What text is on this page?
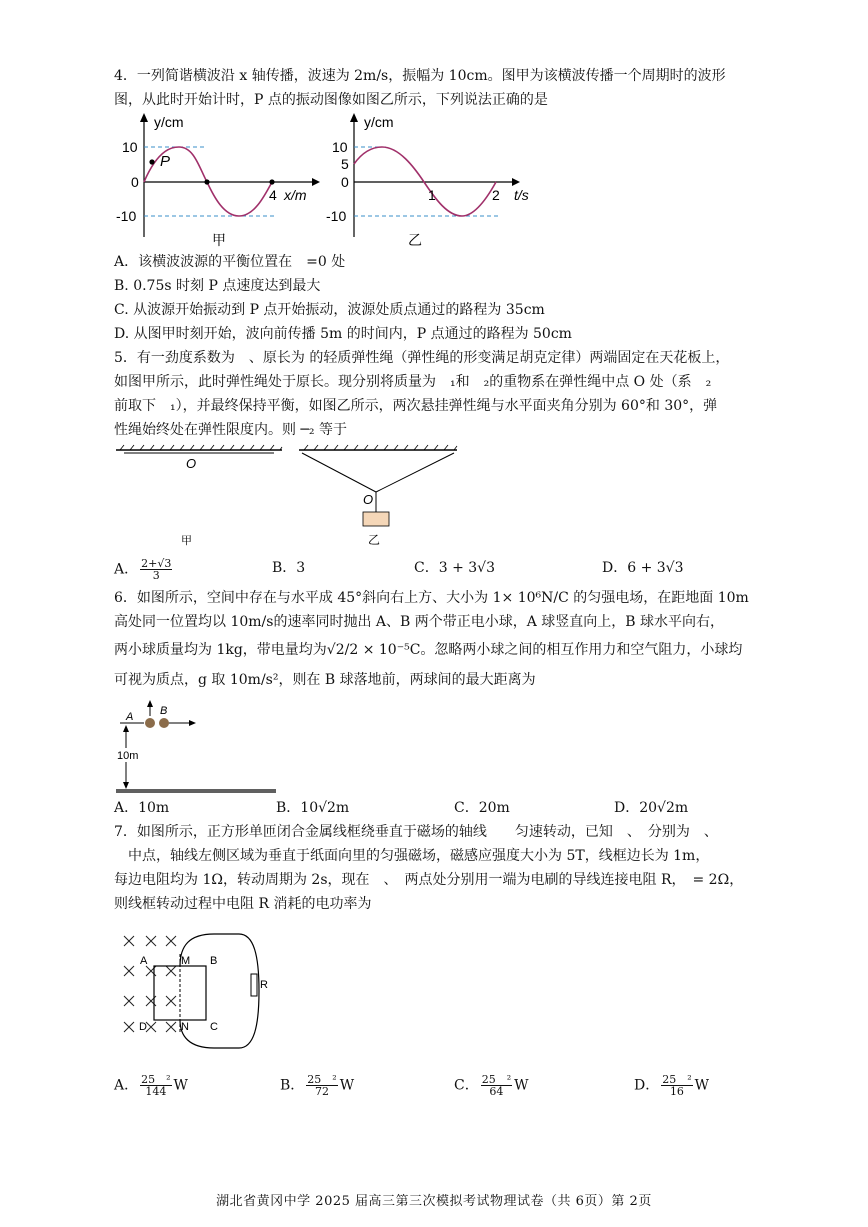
4．一列简谐横波沿 x 轴传播，波速为 2m/s，振幅为 10cm。图甲为该横波传播一个周期时的波形
图，从此时开始计时，P 点的振动图像如图乙所示，下列说法正确的是
y/cm
10
0
-10
P
4 x/m
甲
y/cm
10
5
0
-10
1	2 t/s
乙
A．该横波波源的平衡位置在　=0 处
B. 0.75s 时刻 P 点速度达到最大
C. 从波源开始振动到 P 点开始振动，波源处质点通过的路程为 35cm
D. 从图甲时刻开始，波向前传播 5m 的时间内，P 点通过的路程为 50cm
5．有一劲度系数为　、原长为 的轻质弹性绳（弹性绳的形变满足胡克定律）两端固定在天花板上，
如图甲所示，此时弹性绳处于原长。现分别将质量为　₁和　₂的重物系在弹性绳中点 O 处（系　₂
前取下　₁），并最终保持平衡，如图乙所示，两次悬挂弹性绳与水平面夹角分别为 60°和 30°，弹
性绳始终处在弹性限度内。则 ─₂ 等于
O
O
甲	乙
A． $\frac{2+√3}{3}$	B．3	C．3 + 3√3	D．6 + 3√3
6．如图所示，空间中存在与水平成 45°斜向右上方、大小为 1× 10⁶N/C 的匀强电场，在距地面 10m
高处同一位置均以 10m/s的速率同时抛出 A、B 两个带正电小球，A 球竖直向上，B 球水平向右，
两小球质量均为 1kg，带电量均为√2/2 × 10⁻⁵C。忽略两小球之间的相互作用力和空气阻力，小球均
可视为质点，g 取 10m/s²，则在 B 球落地前，两球间的最大距离为
A B
10m
A．10m	B．10√2m	C．20m	D．20√2m
7．如图所示，正方形单匝闭合金属线框绕垂直于磁场的轴线　　匀速转动，已知　、　分别为　、
　中点，轴线左侧区域为垂直于纸面向里的匀强磁场，磁感应强度大小为 5T，线框边长为 1m，
每边电阻均为 1Ω，转动周期为 2s，现在　、　两点处分别用一端为电刷的导线连接电阻 R，　= 2Ω，
则线框转动过程中电阻 R 消耗的电功率为
A	M B
D	N C
R
A． $\frac{\text{25　²}}{144}$ W	B． $\frac{\text{25　²}}{72}$ W	C． $\frac{\text{25　²}}{64}$ W	D． $\frac{\text{25　²}}{16}$ W
湖北省黄冈中学 2025 届高三第三次模拟考试物理试卷（共 6页）第 2页
